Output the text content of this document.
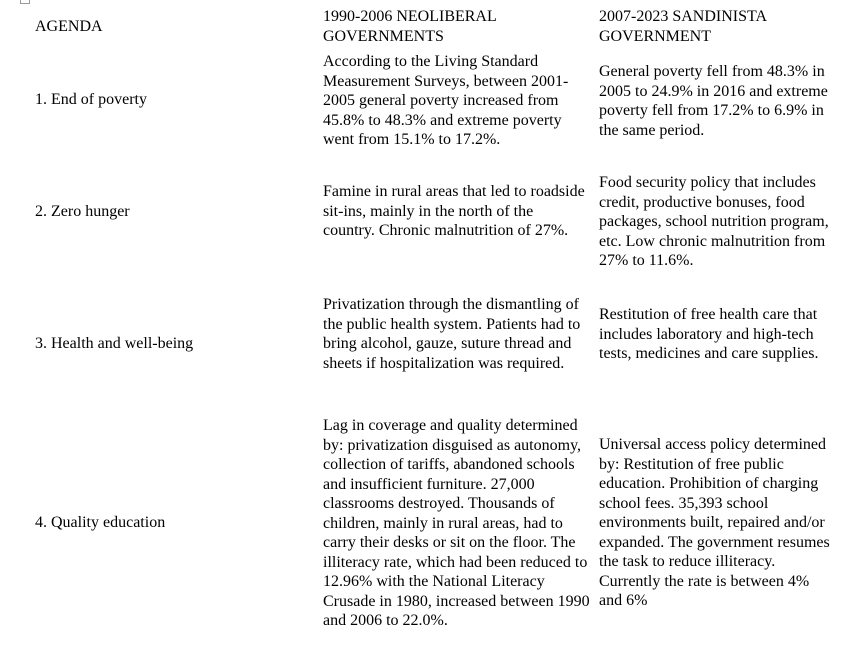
AGENDA
1990-2006 NEOLIBERAL
GOVERNMENTS
2007-2023 SANDINISTA
GOVERNMENT
1. End of poverty
According to the Living Standard Measurement Surveys, between 2001-2005 general poverty increased from 45.8% to 48.3% and extreme poverty went from 15.1% to 17.2%.
General poverty fell from 48.3% in 2005 to 24.9% in 2016 and extreme poverty fell from 17.2% to 6.9% in the same period.
2. Zero hunger
Famine in rural areas that led to roadside sit-ins, mainly in the north of the country. Chronic malnutrition of 27%.
Food security policy that includes credit, productive bonuses, food packages, school nutrition program, etc. Low chronic malnutrition from 27% to 11.6%.
3. Health and well-being
Privatization through the dismantling of the public health system. Patients had to bring alcohol, gauze, suture thread and sheets if hospitalization was required.
Restitution of free health care that includes laboratory and high-tech tests, medicines and care supplies.
4. Quality education
Lag in coverage and quality determined by: privatization disguised as autonomy, collection of tariffs, abandoned schools and insufficient furniture. 27,000 classrooms destroyed. Thousands of children, mainly in rural areas, had to carry their desks or sit on the floor. The illiteracy rate, which had been reduced to 12.96% with the National Literacy Crusade in 1980, increased between 1990 and 2006 to 22.0%.
Universal access policy determined by: Restitution of free public education. Prohibition of charging school fees. 35,393 school environments built, repaired and/or expanded. The government resumes the task to reduce illiteracy. Currently the rate is between 4% and 6%
